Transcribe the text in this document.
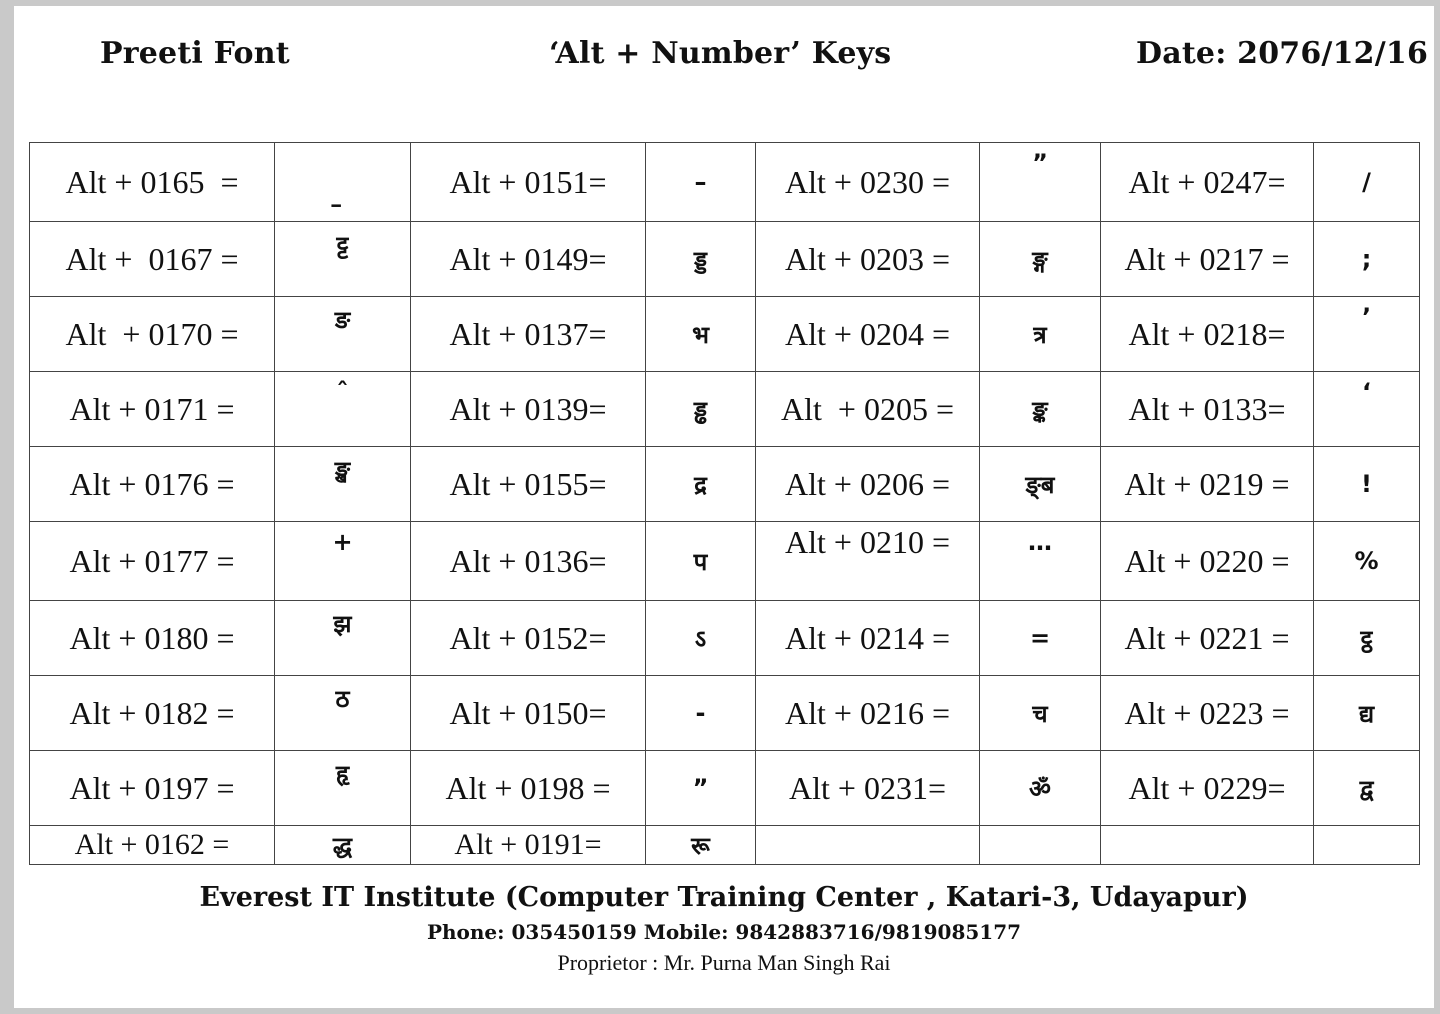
Preeti Font	‘Alt + Number’ Keys	Date: 2076/12/16
Alt + 0165  =		Alt + 0151=	–	Alt + 0230 =	”	Alt + 0247=	/
Alt +  0167 =	ट्ट	Alt + 0149=	ड्ड	Alt + 0203 =	ङ्ग	Alt + 0217 =	;
Alt  + 0170 =	ङ	Alt + 0137=	भ	Alt + 0204 =	त्र	Alt + 0218=	’
Alt + 0171 =	ˆ	Alt + 0139=	ड्ढ	Alt  + 0205 =	ङ्क	Alt + 0133=	‘
Alt + 0176 =	ङ्ख	Alt + 0155=	द्र	Alt + 0206 =	ङ्ब	Alt + 0219 =	!
Alt + 0177 =	+	Alt + 0136=	प	Alt + 0210 =	…	Alt + 0220 =	%
Alt + 0180 =	झ	Alt + 0152=	ऽ	Alt + 0214 =	=	Alt + 0221 =	ट्ठ
Alt + 0182 =	ठ	Alt + 0150=	-	Alt + 0216 =	च	Alt + 0223 =	द्य
Alt + 0197 =	हृ	Alt + 0198 =	”	Alt + 0231=	ॐ	Alt + 0229=	द्व
Alt + 0162 =	द्ध	Alt + 0191=	रू				
Everest IT Institute (Computer Training Center , Katari-3, Udayapur)
Phone: 035450159 Mobile: 9842883716/9819085177
Proprietor : Mr. Purna Man Singh Rai
